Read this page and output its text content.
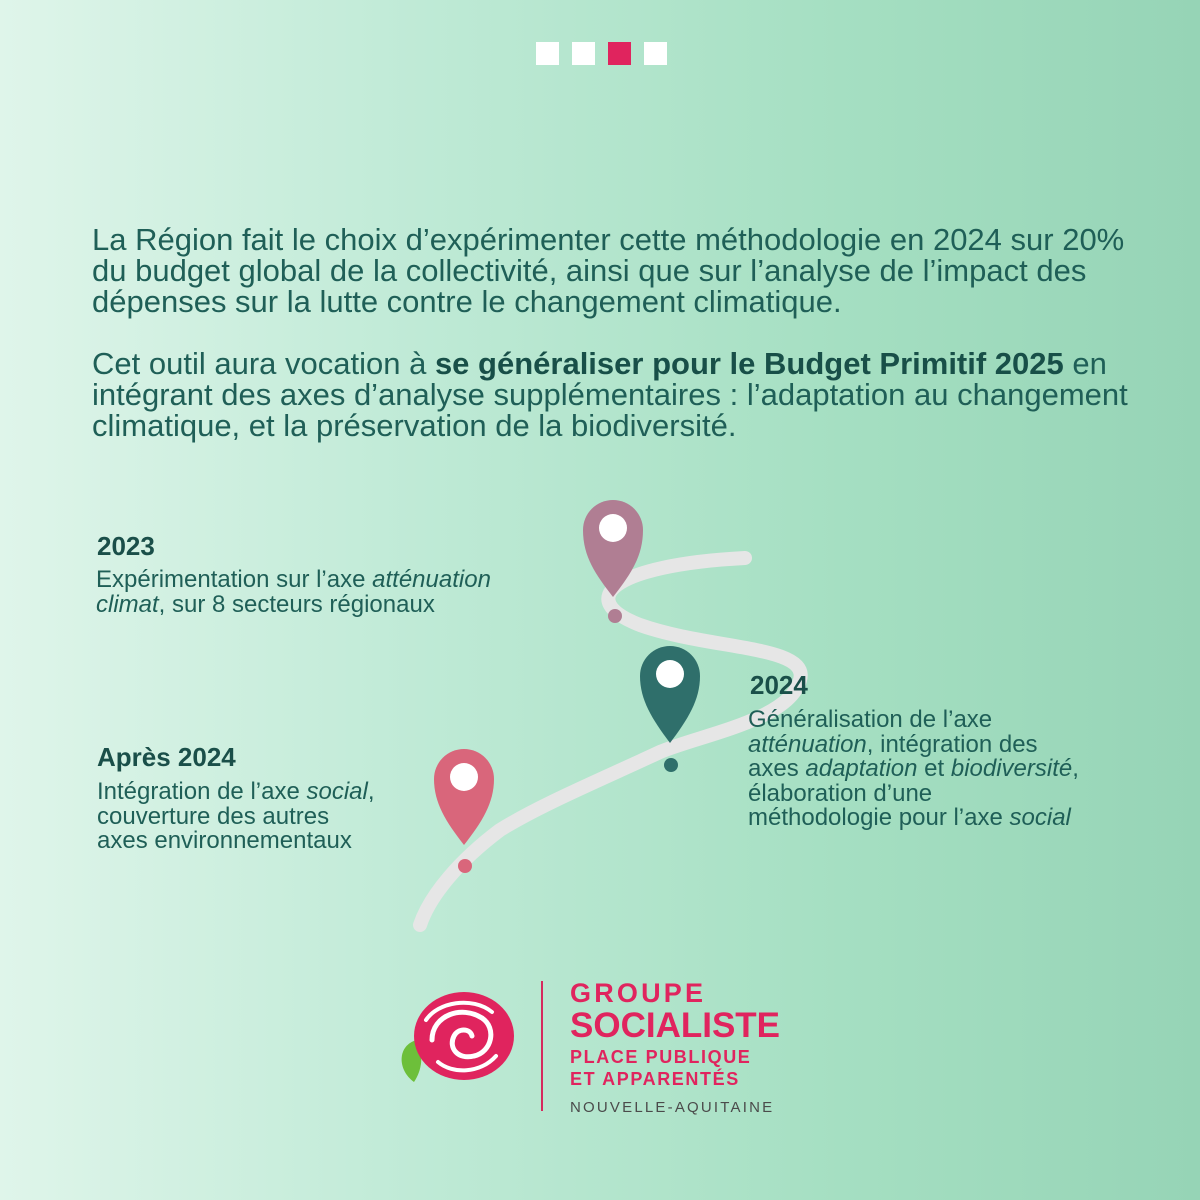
La Région fait le choix d’expérimenter cette méthodologie en 2024 sur 20% du budget global de la collectivité, ainsi que sur l’analyse de l’impact des dépenses sur la lutte contre le changement climatique.

Cet outil aura vocation à se généraliser pour le Budget Primitif 2025 en intégrant des axes d’analyse supplémentaires : l’adaptation au changement climatique, et la préservation de la biodiversité.

2023
Expérimentation sur l’axe atténuation
climat, sur 8 secteurs régionaux
2024
Généralisation de l’axe
atténuation, intégration des
axes adaptation et biodiversité,
élaboration d’une
méthodologie pour l’axe social
Après 2024
Intégration de l’axe social,
couverture des autres
axes environnementaux
GROUPE
SOCIALISTE
PLACE PUBLIQUE
ET APPARENTÉS
NOUVELLE-AQUITAINE
